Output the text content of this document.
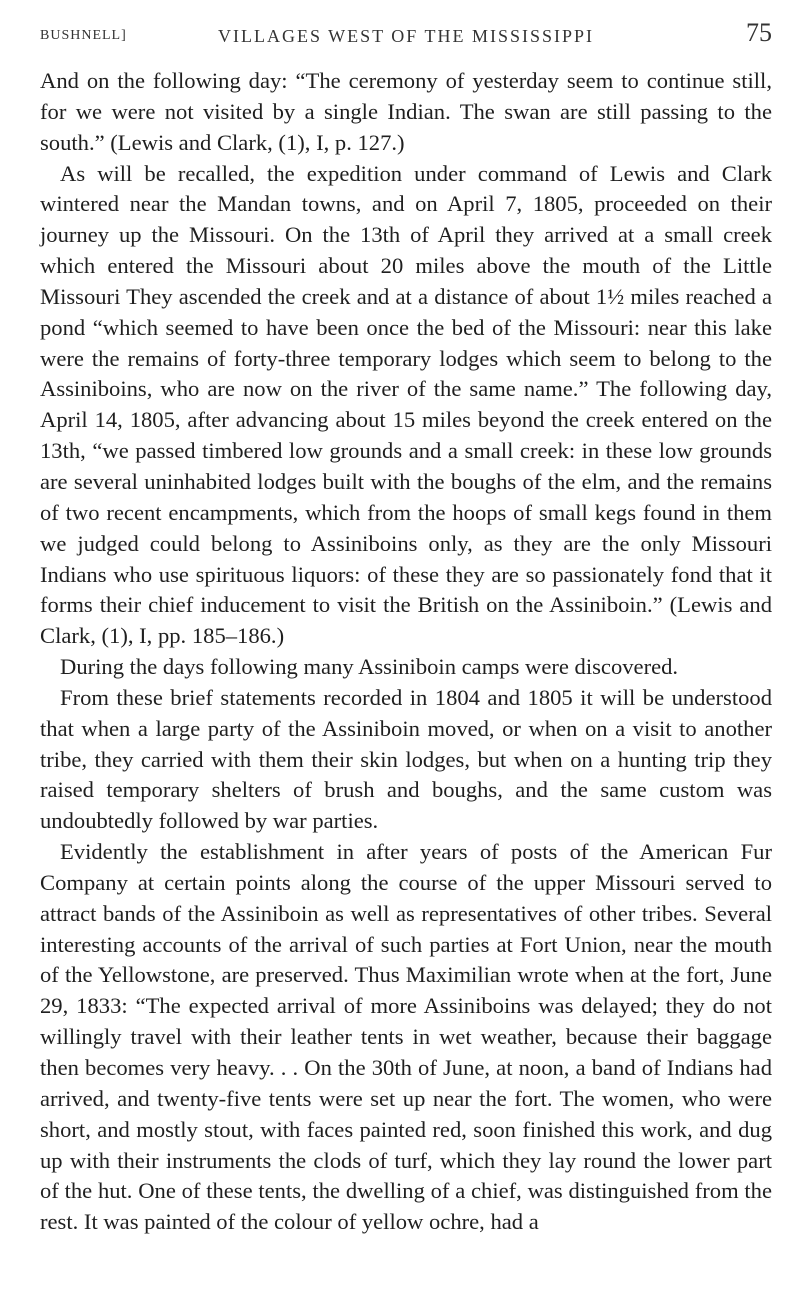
BUSHNELL]	VILLAGES WEST OF THE MISSISSIPPI	75

And on the following day: “The ceremony of yesterday seem to continue still, for we were not visited by a single Indian. The swan are still passing to the south.” (Lewis and Clark, (1), I, p. 127.)

As will be recalled, the expedition under command of Lewis and Clark wintered near the Mandan towns, and on April 7, 1805, proceeded on their journey up the Missouri. On the 13th of April they arrived at a small creek which entered the Missouri about 20 miles above the mouth of the Little Missouri They ascended the creek and at a distance of about 1½ miles reached a pond “which seemed to have been once the bed of the Missouri: near this lake were the remains of forty-three temporary lodges which seem to belong to the Assiniboins, who are now on the river of the same name.” The following day, April 14, 1805, after advancing about 15 miles beyond the creek entered on the 13th, “we passed timbered low grounds and a small creek: in these low grounds are several uninhabited lodges built with the boughs of the elm, and the remains of two recent encampments, which from the hoops of small kegs found in them we judged could belong to Assiniboins only, as they are the only Missouri Indians who use spirituous liquors: of these they are so passionately fond that it forms their chief inducement to visit the British on the Assiniboin.” (Lewis and Clark, (1), I, pp. 185–186.)

During the days following many Assiniboin camps were discovered.

From these brief statements recorded in 1804 and 1805 it will be understood that when a large party of the Assiniboin moved, or when on a visit to another tribe, they carried with them their skin lodges, but when on a hunting trip they raised temporary shelters of brush and boughs, and the same custom was undoubtedly followed by war parties.

Evidently the establishment in after years of posts of the American Fur Company at certain points along the course of the upper Missouri served to attract bands of the Assiniboin as well as representatives of other tribes. Several interesting accounts of the arrival of such parties at Fort Union, near the mouth of the Yellowstone, are preserved. Thus Maximilian wrote when at the fort, June 29, 1833: “The expected arrival of more Assiniboins was delayed; they do not willingly travel with their leather tents in wet weather, because their baggage then becomes very heavy. . . On the 30th of June, at noon, a band of Indians had arrived, and twenty-five tents were set up near the fort. The women, who were short, and mostly stout, with faces painted red, soon finished this work, and dug up with their instruments the clods of turf, which they lay round the lower part of the hut. One of these tents, the dwelling of a chief, was distinguished from the rest. It was painted of the colour of yellow ochre, had a
